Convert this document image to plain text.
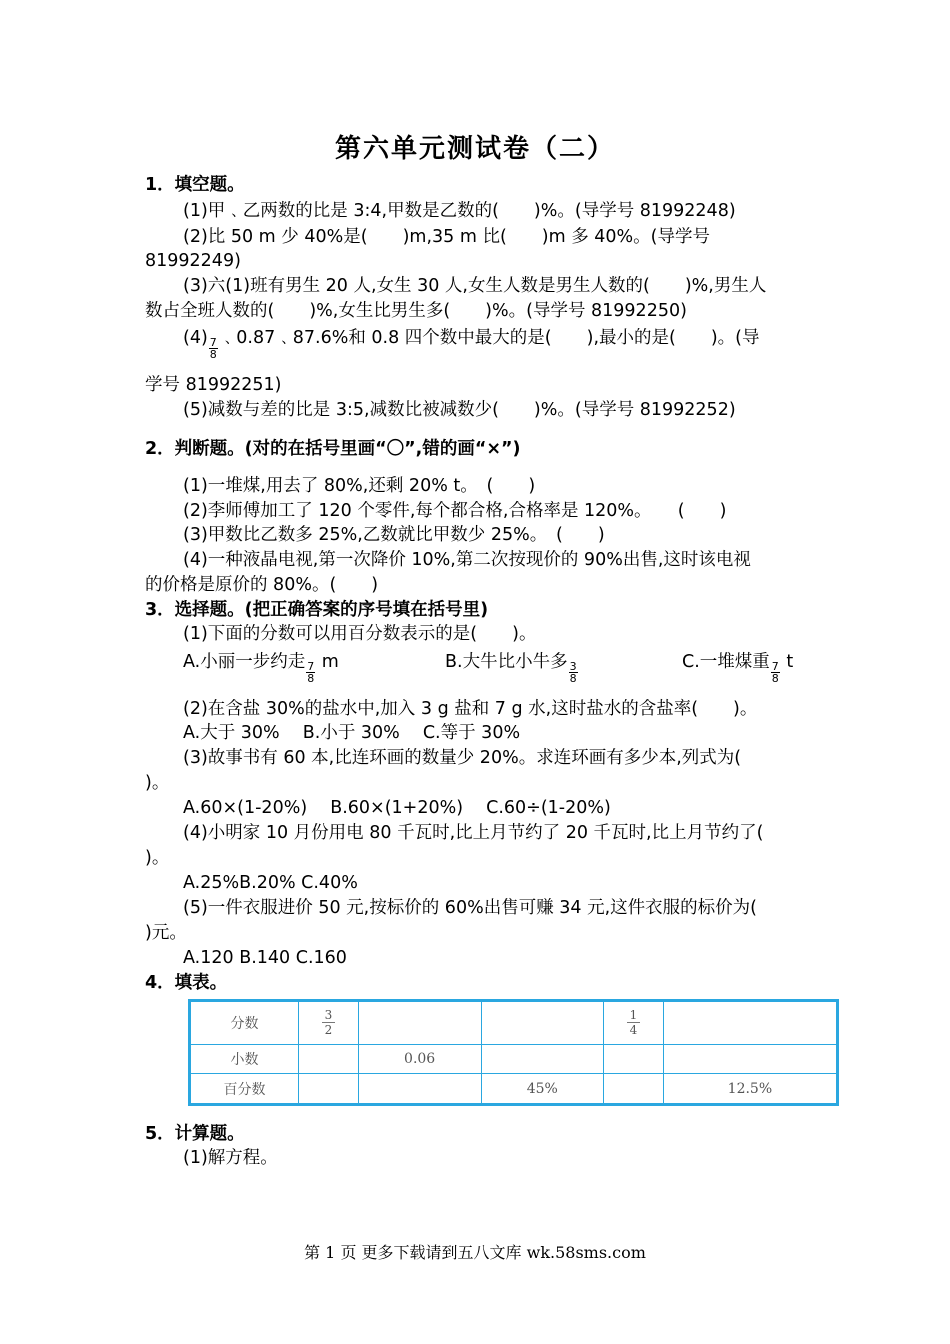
第六单元测试卷（二）
1．填空题。
(1)甲﹑乙两数的比是 3:4,甲数是乙数的(　　)%。(导学号 81992248)
(2)比 50 m 少 40%是(　　)m,35 m 比(　　)m 多 40%。(导学号
81992249)
(3)六(1)班有男生 20 人,女生 30 人,女生人数是男生人数的(　　)%,男生人
数占全班人数的(　　)%,女生比男生多(　　)%。(导学号 81992250)
$(4) \frac{7}{8}$ ﹑0.87﹑87.6%和 0.8 四个数中最大的是(　　),最小的是(　　)。(导
学号 81992251)
(5)减数与差的比是 3:5,减数比被减数少(　　)%。(导学号 81992252)
2．判断题。(对的在括号里画“〇”,错的画“×”)
(1)一堆煤,用去了 80%,还剩 20% t。　(　　)
(2)李师傅加工了 120 个零件,每个都合格,合格率是 120%。　　(　　)
(3)甲数比乙数多 25%,乙数就比甲数少 25%。　(　　)
(4)一种液晶电视,第一次降价 10%,第二次按现价的 90%出售,这时该电视
的价格是原价的 80%。(　　)
3．选择题。(把正确答案的序号填在括号里)
(1)下面的分数可以用百分数表示的是(　　)。
A.小丽一步约走 $\frac{7}{8}$ m	B.大牛比小牛多 $\frac{3}{8}$	C.一堆煤重 $\frac{7}{8}$ t
(2)在含盐 30%的盐水中,加入 3 g 盐和 7 g 水,这时盐水的含盐率(　　)。
A.大于 30%　 B.小于 30%　 C.等于 30%
(3)故事书有 60 本,比连环画的数量少 20%。求连环画有多少本,列式为(
)。
A.60×(1-20%)　 B.60×(1+20%)　 C.60÷(1-20%)
(4)小明家 10 月份用电 80 千瓦时,比上月节约了 20 千瓦时,比上月节约了(
)。
A.25%B.20% C.40%
(5)一件衣服进价 50 元,按标价的 60%出售可赚 34 元,这件衣服的标价为(
)元。
A.120 B.140 C.160
4．填表。
分数	$\frac{3}{2}$			$\frac{1}{4}$

小数		0.06			
百分数			45%		12.5%
5．计算题。
(1)解方程。
第 1 页 更多下载请到五八文库 wk.58sms.com
